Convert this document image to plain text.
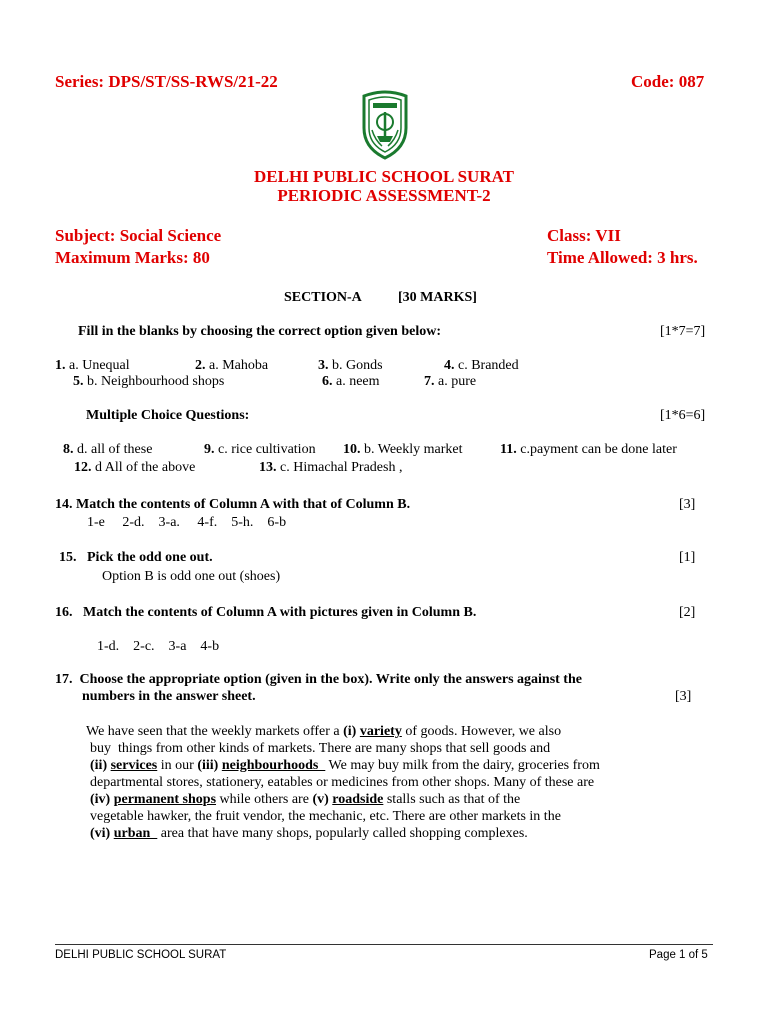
Series: DPS/ST/SS-RWS/21-22	Code: 087
DELHI PUBLIC SCHOOL SURAT
PERIODIC ASSESSMENT-2
Subject: Social Science	Class: VII
Maximum Marks: 80	Time Allowed: 3 hrs.
SECTION-A	[30 MARKS]
Fill in the blanks by choosing the correct option given below:	[1*7=7]
1. a. Unequal	2. a. Mahoba	3. b. Gonds	4. c. Branded
5. b. Neighbourhood shops	6. a. neem	7. a. pure
Multiple Choice Questions:	[1*6=6]
8. d. all of these	9. c. rice cultivation 10. b. Weekly market	11. c.payment can be done later
12. d All of the above	13. c. Himachal Pradesh ,
14. Match the contents of Column A with that of Column B.	[3]
1-e     2-d.    3-a.     4-f.    5-h.    6-b
15.   Pick the odd one out.	[1]
Option B is odd one out (shoes)
16.   Match the contents of Column A with pictures given in Column B.	[2]
1-d.    2-c.    3-a    4-b
17.  Choose the appropriate option (given in the box). Write only the answers against the
numbers in the answer sheet.	[3]
We have seen that the weekly markets offer a (i) variety of goods. However, we also
buy  things from other kinds of markets. There are many shops that sell goods and
(ii) services in our (iii) neighbourhoods   We may buy milk from the dairy, groceries from
departmental stores, stationery, eatables or medicines from other shops. Many of these are
(iv) permanent shops while others are (v) roadside stalls such as that of the
vegetable hawker, the fruit vendor, the mechanic, etc. There are other markets in the
(vi) urban   area that have many shops, popularly called shopping complexes.
DELHI PUBLIC SCHOOL SURAT	Page 1 of 5
